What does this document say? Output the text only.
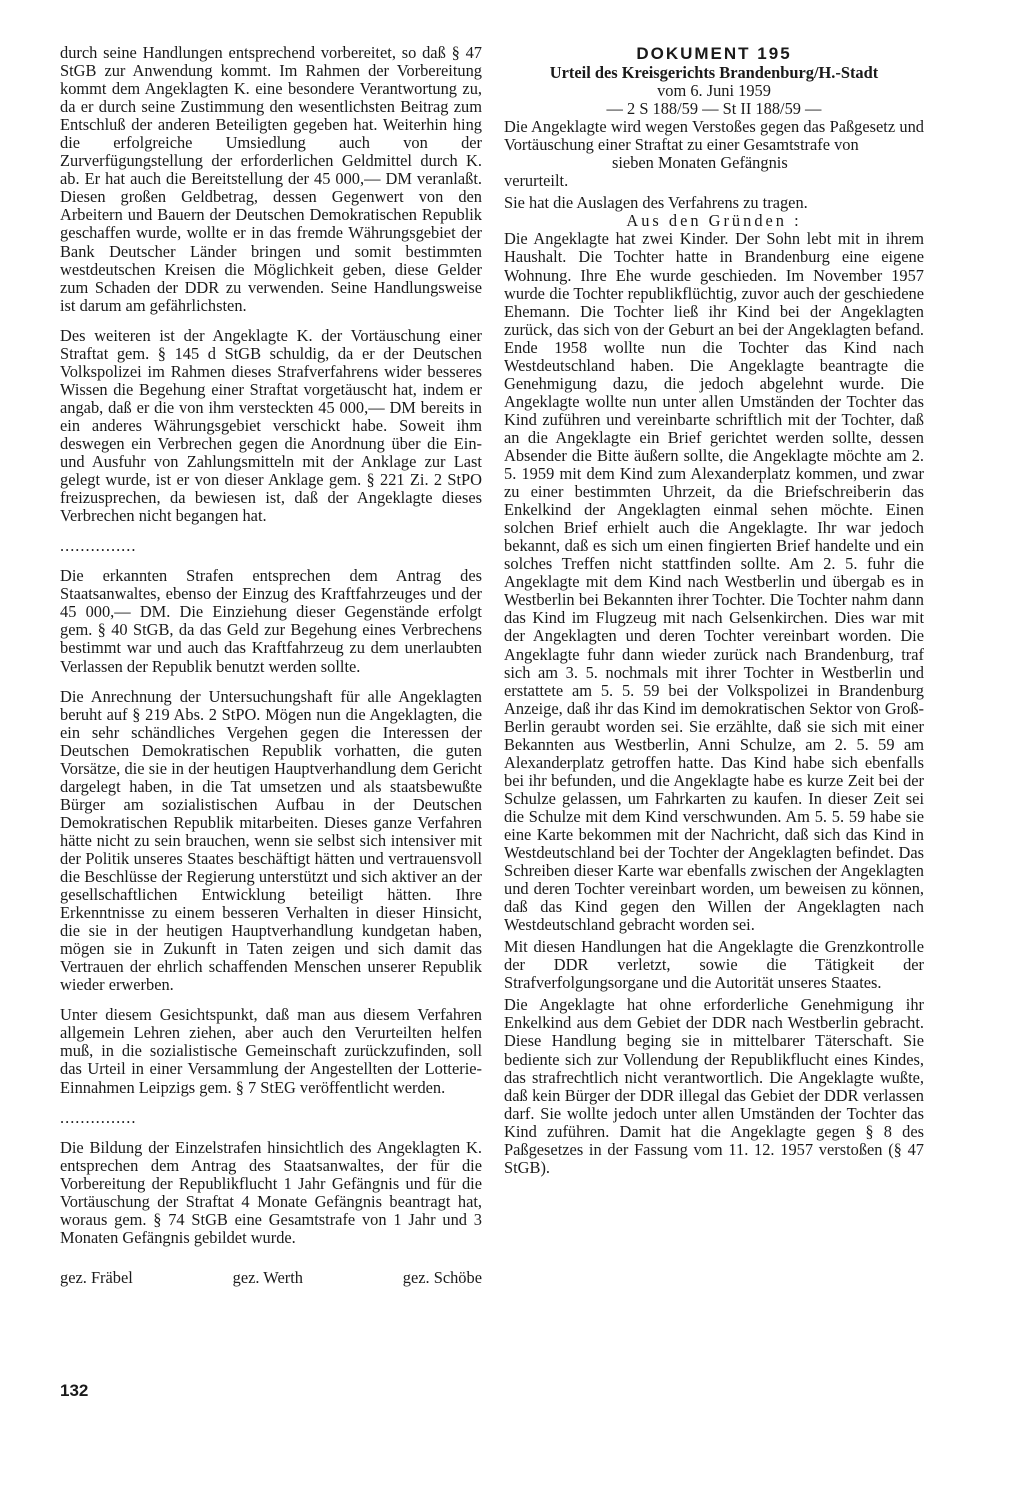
durch seine Handlungen entsprechend vorbereitet, so daß § 47 StGB zur Anwendung kommt. Im Rahmen der Vorbereitung kommt dem Angeklagten K. eine besondere Verantwortung zu, da er durch seine Zustimmung den wesentlichsten Beitrag zum Entschluß der anderen Beteiligten gegeben hat. Weiterhin hing die erfolgreiche Umsiedlung auch von der Zurverfügungstellung der erforderlichen Geldmittel durch K. ab. Er hat auch die Bereitstellung der 45 000,— DM veranlaßt. Diesen großen Geldbetrag, dessen Gegenwert von den Arbeitern und Bauern der Deutschen Demokratischen Republik geschaffen wurde, wollte er in das fremde Währungsgebiet der Bank Deutscher Länder bringen und somit bestimmten westdeutschen Kreisen die Möglichkeit geben, diese Gelder zum Schaden der DDR zu verwenden. Seine Handlungsweise ist darum am gefährlichsten.

Des weiteren ist der Angeklagte K. der Vortäuschung einer Straftat gem. § 145 d StGB schuldig, da er der Deutschen Volkspolizei im Rahmen dieses Strafverfahrens wider besseres Wissen die Begehung einer Straftat vorgetäuscht hat, indem er angab, daß er die von ihm versteckten 45 000,— DM bereits in ein anderes Währungsgebiet verschickt habe. Soweit ihm deswegen ein Verbrechen gegen die Anordnung über die Ein- und Ausfuhr von Zahlungsmitteln mit der Anklage zur Last gelegt wurde, ist er von dieser Anklage gem. § 221 Zi. 2 StPO freizusprechen, da bewiesen ist, daß der Angeklagte dieses Verbrechen nicht begangen hat.

...............

Die erkannten Strafen entsprechen dem Antrag des Staatsanwaltes, ebenso der Einzug des Kraftfahrzeuges und der 45 000,— DM. Die Einziehung dieser Gegenstände erfolgt gem. § 40 StGB, da das Geld zur Begehung eines Verbrechens bestimmt war und auch das Kraftfahrzeug zu dem unerlaubten Verlassen der Republik benutzt werden sollte.

Die Anrechnung der Untersuchungshaft für alle Angeklagten beruht auf § 219 Abs. 2 StPO. Mögen nun die Angeklagten, die ein sehr schändliches Vergehen gegen die Interessen der Deutschen Demokratischen Republik vorhatten, die guten Vorsätze, die sie in der heutigen Hauptverhandlung dem Gericht dargelegt haben, in die Tat umsetzen und als staatsbewußte Bürger am sozialistischen Aufbau in der Deutschen Demokratischen Republik mitarbeiten. Dieses ganze Verfahren hätte nicht zu sein brauchen, wenn sie selbst sich intensiver mit der Politik unseres Staates beschäftigt hätten und vertrauensvoll die Beschlüsse der Regierung unterstützt und sich aktiver an der gesellschaftlichen Entwicklung beteiligt hätten. Ihre Erkenntnisse zu einem besseren Verhalten in dieser Hinsicht, die sie in der heutigen Hauptverhandlung kundgetan haben, mögen sie in Zukunft in Taten zeigen und sich damit das Vertrauen der ehrlich schaffenden Menschen unserer Republik wieder erwerben.

Unter diesem Gesichtspunkt, daß man aus diesem Verfahren allgemein Lehren ziehen, aber auch den Verurteilten helfen muß, in die sozialistische Gemeinschaft zurückzufinden, soll das Urteil in einer Versammlung der Angestellten der Lotterie-Einnahmen Leipzigs gem. § 7 StEG veröffentlicht werden.

...............

Die Bildung der Einzelstrafen hinsichtlich des Angeklagten K. entsprechen dem Antrag des Staatsanwaltes, der für die Vorbereitung der Republikflucht 1 Jahr Gefängnis und für die Vortäuschung der Straftat 4 Monate Gefängnis beantragt hat, woraus gem. § 74 StGB eine Gesamtstrafe von 1 Jahr und 3 Monaten Gefängnis gebildet wurde.

gez. Fräbel	gez. Werth	gez. Schöbe
132

DOKUMENT 195

Urteil des Kreisgerichts Brandenburg/H.-Stadt

vom 6. Juni 1959

— 2 S 188/59 — St II 188/59 —

Die Angeklagte wird wegen Verstoßes gegen das Paßgesetz und Vortäuschung einer Straftat zu einer Gesamtstrafe von

sieben Monaten Gefängnis

verurteilt.

Sie hat die Auslagen des Verfahrens zu tragen.

Aus den Gründen :

Die Angeklagte hat zwei Kinder. Der Sohn lebt mit in ihrem Haushalt. Die Tochter hatte in Brandenburg eine eigene Wohnung. Ihre Ehe wurde geschieden. Im November 1957 wurde die Tochter republikflüchtig, zuvor auch der geschiedene Ehemann. Die Tochter ließ ihr Kind bei der Angeklagten zurück, das sich von der Geburt an bei der Angeklagten befand. Ende 1958 wollte nun die Tochter das Kind nach Westdeutschland haben. Die Angeklagte beantragte die Genehmigung dazu, die jedoch abgelehnt wurde. Die Angeklagte wollte nun unter allen Umständen der Tochter das Kind zuführen und vereinbarte schriftlich mit der Tochter, daß an die Angeklagte ein Brief gerichtet werden sollte, dessen Absender die Bitte äußern sollte, die Angeklagte möchte am 2. 5. 1959 mit dem Kind zum Alexanderplatz kommen, und zwar zu einer bestimmten Uhrzeit, da die Briefschreiberin das Enkelkind der Angeklagten einmal sehen möchte. Einen solchen Brief erhielt auch die Angeklagte. Ihr war jedoch bekannt, daß es sich um einen fingierten Brief handelte und ein solches Treffen nicht stattfinden sollte. Am 2. 5. fuhr die Angeklagte mit dem Kind nach Westberlin und übergab es in Westberlin bei Bekannten ihrer Tochter. Die Tochter nahm dann das Kind im Flugzeug mit nach Gelsenkirchen. Dies war mit der Angeklagten und deren Tochter vereinbart worden. Die Angeklagte fuhr dann wieder zurück nach Brandenburg, traf sich am 3. 5. nochmals mit ihrer Tochter in Westberlin und erstattete am 5. 5. 59 bei der Volkspolizei in Brandenburg Anzeige, daß ihr das Kind im demokratischen Sektor von Groß-Berlin geraubt worden sei. Sie erzählte, daß sie sich mit einer Bekannten aus Westberlin, Anni Schulze, am 2. 5. 59 am Alexanderplatz getroffen hatte. Das Kind habe sich ebenfalls bei ihr befunden, und die Angeklagte habe es kurze Zeit bei der Schulze gelassen, um Fahrkarten zu kaufen. In dieser Zeit sei die Schulze mit dem Kind verschwunden. Am 5. 5. 59 habe sie eine Karte bekommen mit der Nachricht, daß sich das Kind in Westdeutschland bei der Tochter der Angeklagten befindet. Das Schreiben dieser Karte war ebenfalls zwischen der Angeklagten und deren Tochter vereinbart worden, um beweisen zu können, daß das Kind gegen den Willen der Angeklagten nach Westdeutschland gebracht worden sei.

Mit diesen Handlungen hat die Angeklagte die Grenzkontrolle der DDR verletzt, sowie die Tätigkeit der Strafverfolgungsorgane und die Autorität unseres Staates.

Die Angeklagte hat ohne erforderliche Genehmigung ihr Enkelkind aus dem Gebiet der DDR nach Westberlin gebracht. Diese Handlung beging sie in mittelbarer Täterschaft. Sie bediente sich zur Vollendung der Republikflucht eines Kindes, das strafrechtlich nicht verantwortlich. Die Angeklagte wußte, daß kein Bürger der DDR illegal das Gebiet der DDR verlassen darf. Sie wollte jedoch unter allen Umständen der Tochter das Kind zuführen. Damit hat die Angeklagte gegen § 8 des Paßgesetzes in der Fassung vom 11. 12. 1957 verstoßen (§ 47 StGB).
